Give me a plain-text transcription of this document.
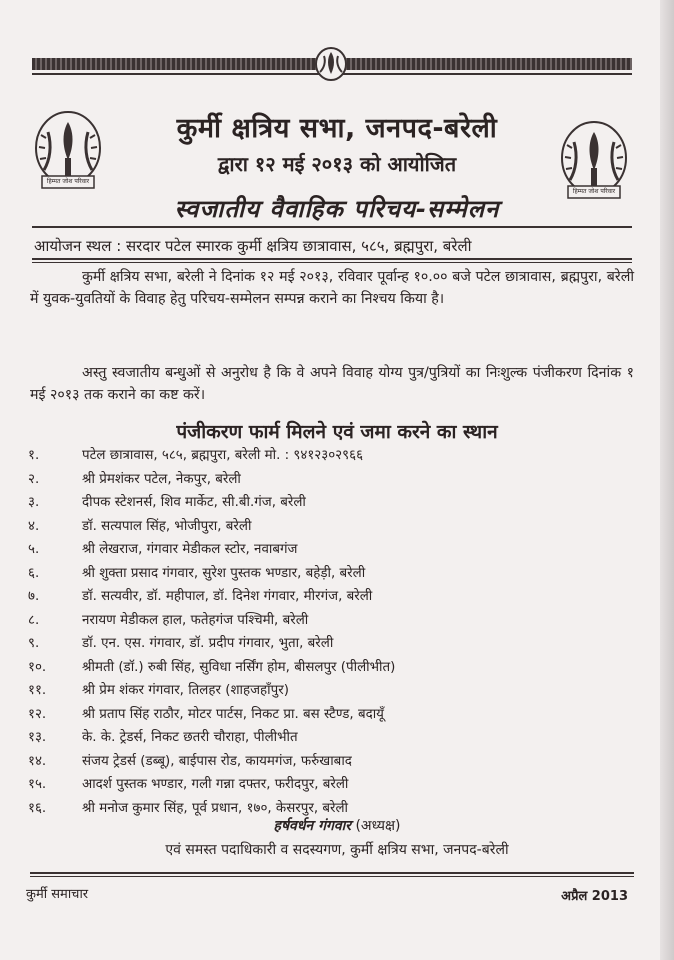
हिम्मत जोश परिवार
हिम्मत जोश परिवार
कुर्मी क्षत्रिय सभा, जनपद-बरेली
द्वारा १२ मई २०१३ को आयोजित
स्वजातीय वैवाहिक परिचय-सम्मेलन
आयोजन स्थल : सरदार पटेल स्मारक कुर्मी क्षत्रिय छात्रावास, ५८५, ब्रह्मपुरा, बरेली
कुर्मी क्षत्रिय सभा, बरेली ने दिनांक १२ मई २०१३, रविवार पूर्वान्ह १०.०० बजे पटेल छात्रावास, ब्रह्मपुरा, बरेली में युवक-युवतियों के विवाह हेतु परिचय-सम्मेलन सम्पन्न कराने का निश्चय किया है।
अस्तु स्वजातीय बन्धुओं से अनुरोध है कि वे अपने विवाह योग्य पुत्र/पुत्रियों का निःशुल्क पंजीकरण दिनांक १ मई २०१३ तक कराने का कष्ट करें।
पंजीकरण फार्म मिलने एवं जमा करने का स्थान
१.	पटेल छात्रावास, ५८५, ब्रह्मपुरा, बरेली मो. : ९४१२३०२९६६
२.	श्री प्रेमशंकर पटेल, नेकपुर, बरेली
३.	दीपक स्टेशनर्स, शिव मार्केट, सी.बी.गंज, बरेली
४.	डॉ. सत्यपाल सिंह, भोजीपुरा, बरेली
५.	श्री लेखराज, गंगवार मेडीकल स्टोर, नवाबगंज
६.	श्री शुक्ता प्रसाद गंगवार, सुरेश पुस्तक भण्डार, बहेड़ी, बरेली
७.	डॉ. सत्यवीर, डॉ. महीपाल, डॉ. दिनेश गंगवार, मीरगंज, बरेली
८.	नरायण मेडीकल हाल, फतेहगंज पश्चिमी, बरेली
९.	डॉ. एन. एस. गंगवार, डॉ. प्रदीप गंगवार, भुता, बरेली
१०.	श्रीमती (डॉ.) रुबी सिंह, सुविधा नर्सिंग होम, बीसलपुर (पीलीभीत)
११.	श्री प्रेम शंकर गंगवार, तिलहर (शाहजहाँपुर)
१२.	श्री प्रताप सिंह राठौर, मोटर पार्टस, निकट प्रा. बस स्टैण्ड, बदायूँ
१३.	के. के. ट्रेडर्स, निकट छतरी चौराहा, पीलीभीत
१४.	संजय ट्रेडर्स (डब्बू), बाईपास रोड, कायमगंज, फर्रुखाबाद
१५.	आदर्श पुस्तक भण्डार, गली गन्ना दफ्तर, फरीदपुर, बरेली
१६.	श्री मनोज कुमार सिंह, पूर्व प्रधान, १७०, केसरपुर, बरेली
हर्षवर्धन गंगवार (अध्यक्ष)
एवं समस्त पदाधिकारी व सदस्यगण, कुर्मी क्षत्रिय सभा, जनपद-बरेली
कुर्मी समाचार	अप्रैल 2013
